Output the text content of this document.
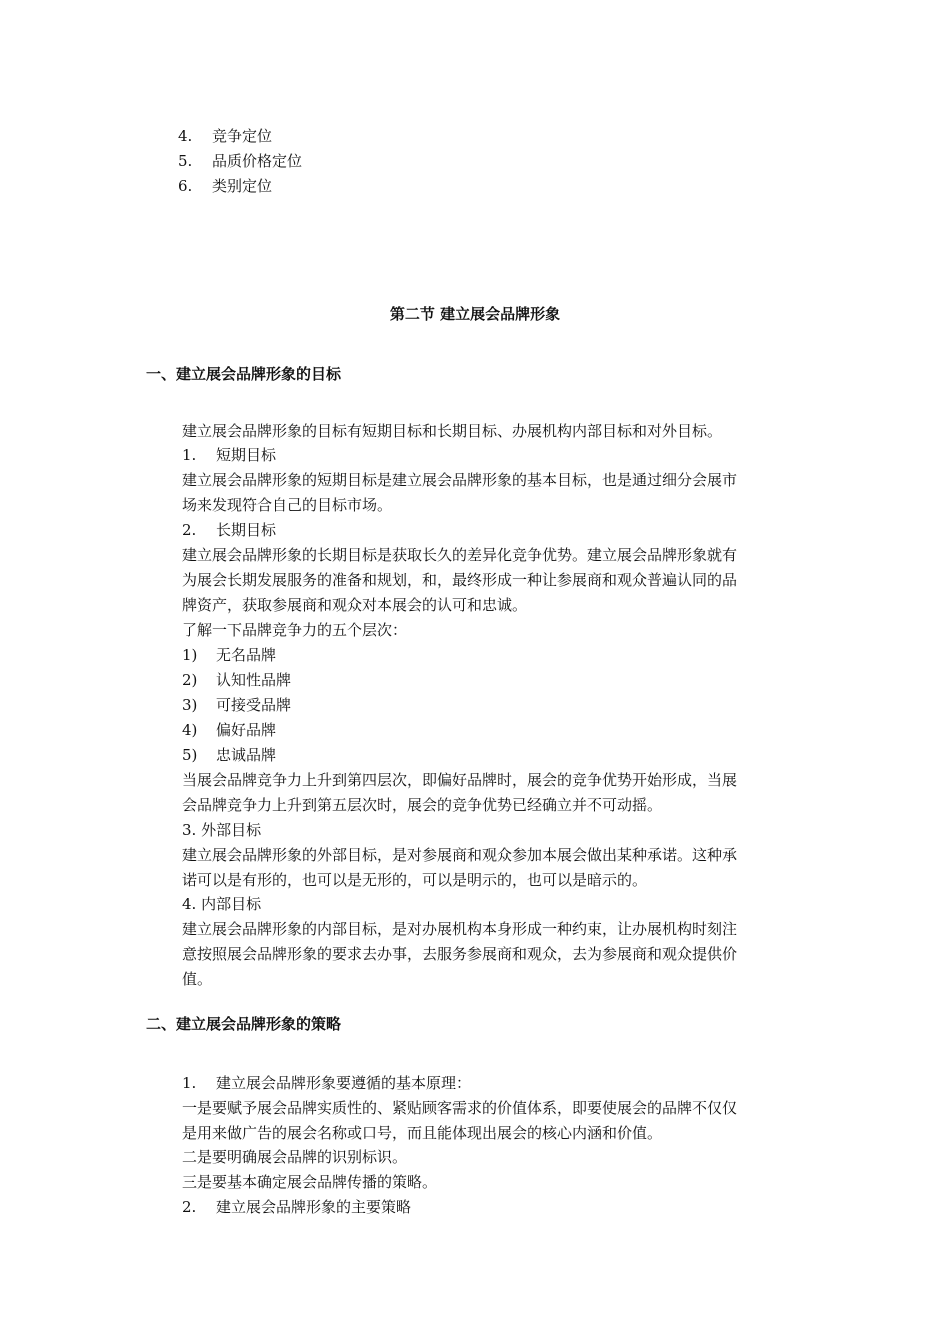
4. 竞争定位
5. 品质价格定位
6. 类别定位
第二节 建立展会品牌形象
一、建立展会品牌形象的目标
建立展会品牌形象的目标有短期目标和长期目标、办展机构内部目标和对外目标。
1. 短期目标
建立展会品牌形象的短期目标是建立展会品牌形象的基本目标，也是通过细分会展市
场来发现符合自己的目标市场。
2. 长期目标
建立展会品牌形象的长期目标是获取长久的差异化竞争优势。建立展会品牌形象就有
为展会长期发展服务的准备和规划，和，最终形成一种让参展商和观众普遍认同的品
牌资产，获取参展商和观众对本展会的认可和忠诚。
了解一下品牌竞争力的五个层次：
1) 无名品牌
2) 认知性品牌
3) 可接受品牌
4) 偏好品牌
5) 忠诚品牌
当展会品牌竞争力上升到第四层次，即偏好品牌时，展会的竞争优势开始形成，当展
会品牌竞争力上升到第五层次时，展会的竞争优势已经确立并不可动摇。
3. 外部目标
建立展会品牌形象的外部目标，是对参展商和观众参加本展会做出某种承诺。这种承
诺可以是有形的，也可以是无形的，可以是明示的，也可以是暗示的。
4. 内部目标
建立展会品牌形象的内部目标，是对办展机构本身形成一种约束，让办展机构时刻注
意按照展会品牌形象的要求去办事，去服务参展商和观众，去为参展商和观众提供价
值。
二、建立展会品牌形象的策略
1. 建立展会品牌形象要遵循的基本原理：
一是要赋予展会品牌实质性的、紧贴顾客需求的价值体系，即要使展会的品牌不仅仅
是用来做广告的展会名称或口号，而且能体现出展会的核心内涵和价值。
二是要明确展会品牌的识别标识。
三是要基本确定展会品牌传播的策略。
2. 建立展会品牌形象的主要策略
